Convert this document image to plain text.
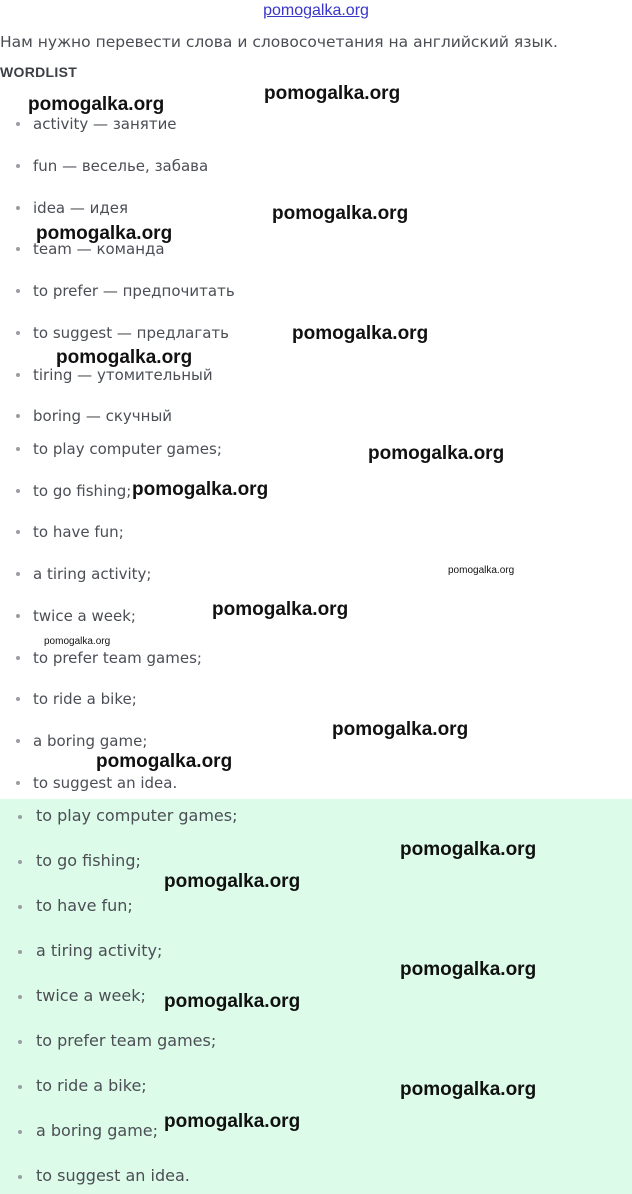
pomogalka.org
Нам нужно перевести слова и словосочетания на английский язык.
WORDLIST
activity — занятие
fun — веселье, забава
idea — идея
team — команда
to prefer — предпочитать
to suggest — предлагать
tiring — утомительный
boring — скучный
to play computer games;
to go fishing;
to have fun;
a tiring activity;
twice a week;
to prefer team games;
to ride a bike;
a boring game;
to suggest an idea.
to play computer games;
to go fishing;
to have fun;
a tiring activity;
twice a week;
to prefer team games;
to ride a bike;
a boring game;
to suggest an idea.
pomogalka.org
pomogalka.org
pomogalka.org
pomogalka.org
pomogalka.org
pomogalka.org
pomogalka.org
pomogalka.org
pomogalka.org
pomogalka.org
pomogalka.org
pomogalka.org
pomogalka.org
pomogalka.org
pomogalka.org
pomogalka.org
pomogalka.org
pomogalka.org
pomogalka.org
